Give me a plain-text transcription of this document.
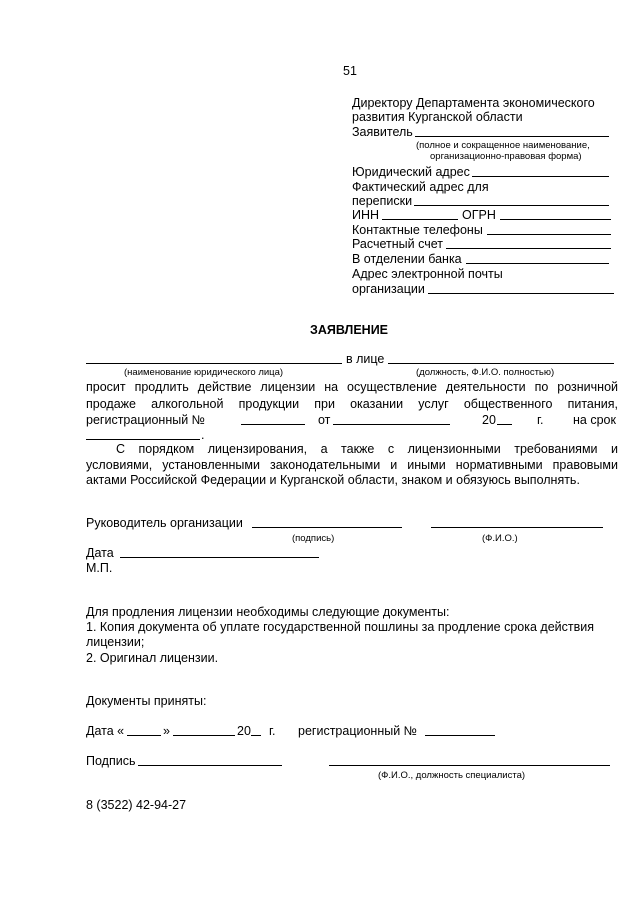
51
Директору Департамента экономического
развития Курганской области
Заявитель
(полное и сокращенное наименование,
организационно-правовая форма)
Юридический адрес
Фактический адрес для
переписки
ИНН	ОГРН
Контактные телефоны
Расчетный счет
В отделении банка
Адрес электронной почты
организации
ЗАЯВЛЕНИЕ
в лице
(наименование юридического лица)	(должность, Ф.И.О. полностью)
просит продлить действие лицензии на осуществление деятельности по розничной
продаже алкогольной продукции при оказании услуг общественного питания,
регистрационный №	от	20	г. на срок
.
С порядком лицензирования, а также с лицензионными требованиями и
условиями, установленными законодательными и иными нормативными правовыми
актами Российской Федерации и Курганской области, знаком и обязуюсь выполнять.
Руководитель организации
(подпись)	(Ф.И.О.)
Дата
М.П.
Для продления лицензии необходимы следующие документы:
1. Копия документа об уплате государственной пошлины за продление срока действия
лицензии;
2. Оригинал лицензии.
Документы приняты:
Дата «	»	20 г. регистрационный №
Подпись
(Ф.И.О., должность специалиста)
8 (3522) 42-94-27
